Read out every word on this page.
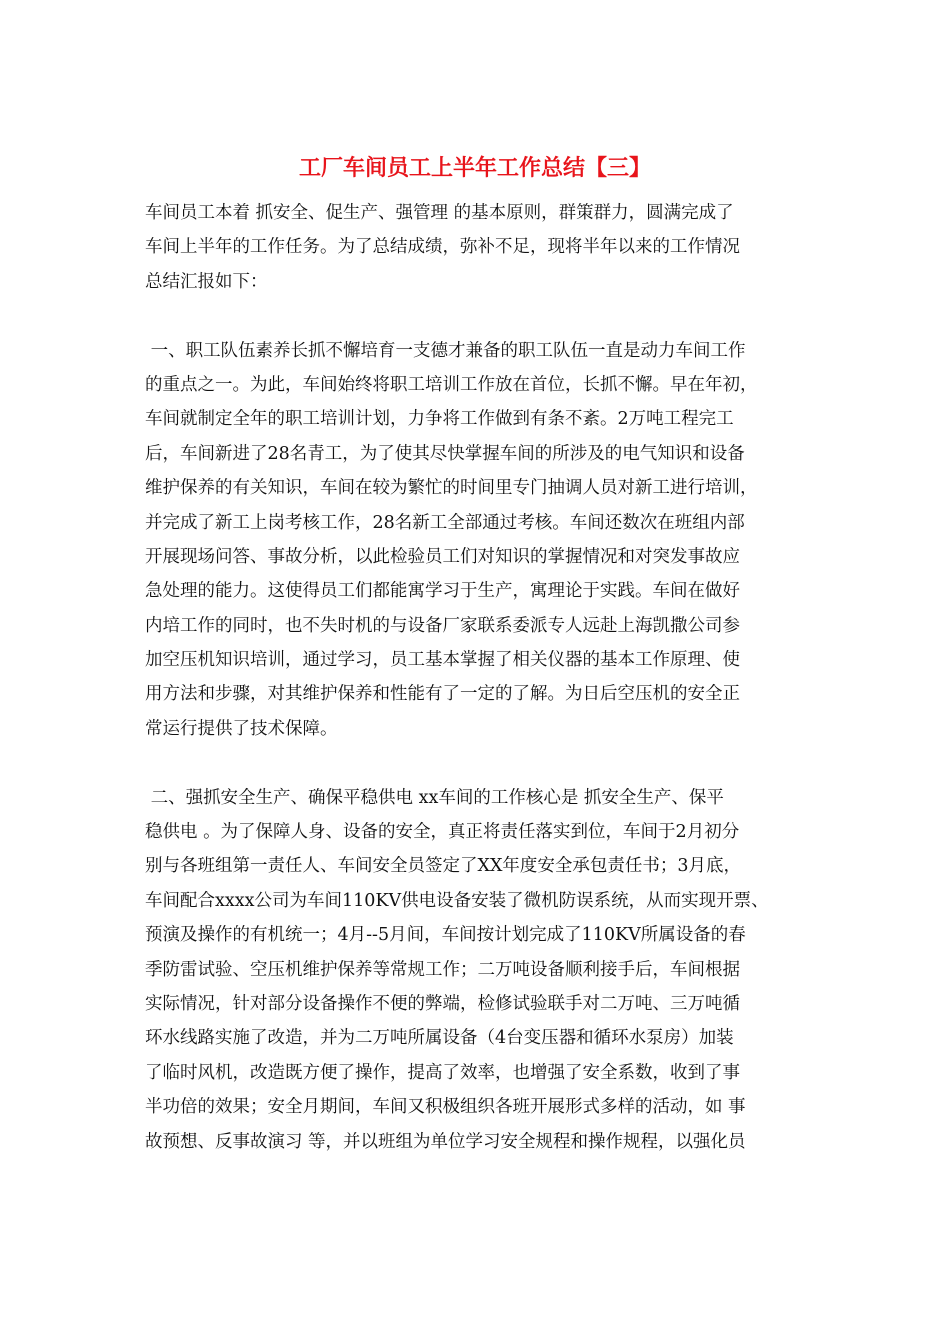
工厂车间员工上半年工作总结【三】
车间员工本着 抓安全、促生产、强管理 的基本原则，群策群力，圆满完成了
车间上半年的工作任务。为了总结成绩，弥补不足，现将半年以来的工作情况
总结汇报如下：
一、职工队伍素养长抓不懈培育一支德才兼备的职工队伍一直是动力车间工作
的重点之一。为此，车间始终将职工培训工作放在首位，长抓不懈。早在年初，
车间就制定全年的职工培训计划，力争将工作做到有条不紊。2万吨工程完工
后，车间新进了28名青工，为了使其尽快掌握车间的所涉及的电气知识和设备
维护保养的有关知识，车间在较为繁忙的时间里专门抽调人员对新工进行培训，
并完成了新工上岗考核工作，28名新工全部通过考核。车间还数次在班组内部
开展现场问答、事故分析，以此检验员工们对知识的掌握情况和对突发事故应
急处理的能力。这使得员工们都能寓学习于生产，寓理论于实践。车间在做好
内培工作的同时，也不失时机的与设备厂家联系委派专人远赴上海凯撒公司参
加空压机知识培训，通过学习，员工基本掌握了相关仪器的基本工作原理、使
用方法和步骤，对其维护保养和性能有了一定的了解。为日后空压机的安全正
常运行提供了技术保障。
二、强抓安全生产、确保平稳供电 xx车间的工作核心是 抓安全生产、保平
稳供电 。为了保障人身、设备的安全，真正将责任落实到位，车间于2月初分
别与各班组第一责任人、车间安全员签定了XX年度安全承包责任书；3月底，
车间配合xxxx公司为车间110KV供电设备安装了微机防误系统，从而实现开票、
预演及操作的有机统一；4月--5月间，车间按计划完成了110KV所属设备的春
季防雷试验、空压机维护保养等常规工作；二万吨设备顺利接手后，车间根据
实际情况，针对部分设备操作不便的弊端，检修试验联手对二万吨、三万吨循
环水线路实施了改造，并为二万吨所属设备（4台变压器和循环水泵房）加装
了临时风机，改造既方便了操作，提高了效率，也增强了安全系数，收到了事
半功倍的效果；安全月期间，车间又积极组织各班开展形式多样的活动，如 事
故预想、反事故演习 等，并以班组为单位学习安全规程和操作规程，以强化员
